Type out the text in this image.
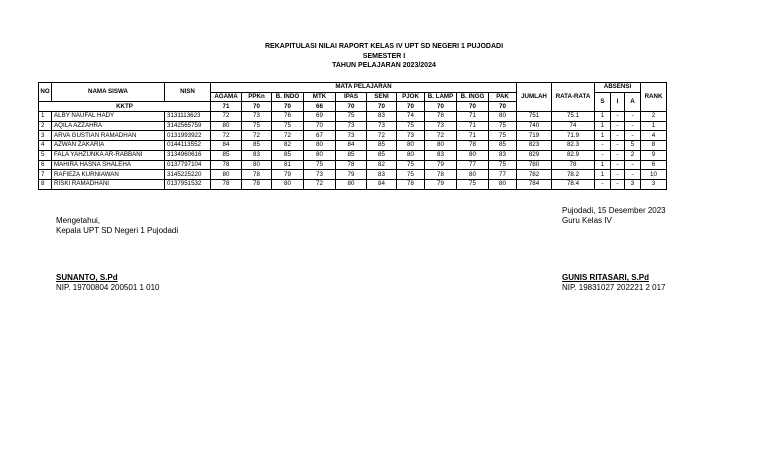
REKAPITULASI NILAI RAPORT KELAS IV UPT SD NEGERI 1 PUJODADI
SEMESTER I
TAHUN PELAJARAN 2023/2024
NO	NAMA SISWA	NISN	MATA PELAJARAN										JUMLAH	RATA-RATA	ABSENSI			RANK
			AGAMA	PPKn	B. INDO	MTK	IPAS	SENI	PJOK	B. LAMP	B. INGG	PAK			S	I	A	
KKTP			71	70	70	66	70	70	70	70	70	70						
1	ALBY NAUFAL HADY	3131113623	72	73	76	69	75	83	74	78	71	80	751	75.1	1	-	-	2
2	AQILA AZZAHRA	3142565759	80	75	75	70	73	73	75	73	71	75	740	74	1	-	-	1
3	ARVA GUSTIAN RAMADHAN	0131993922	72	72	72	67	73	72	73	72	71	75	719	71.9	1	-	-	4
4	AZWAN ZAKARIA	0144113552	84	85	82	80	84	85	80	80	78	85	823	82.3	-	-	5	8
5	FALA YAHZUNKA AR-RABBANI	3134960616	85	83	85	80	85	85	80	83	80	83	829	82.9	-	-	2	9
6	MAHIRA HASNA SHALEHA	0137797104	78	80	81	75	78	82	75	79	77	75	780	78	1	-	-	6
7	RAFIEZA KURNIAWAN	3145225220	80	78	79	73	79	83	75	78	80	77	782	78.2	1	-	-	10
8	RISKI RAMADHANI	0137951532	78	78	80	72	80	84	78	79	75	80	784	78.4	-	-	3	3
Mengetahui,
Kepala UPT SD Negeri 1 Pujodadi
SUNANTO, S.Pd
NIP. 19700804 200501 1 010
Pujodadi, 15 Desember 2023
Guru Kelas IV
GUNIS RITASARI, S.Pd
NIP. 19831027 202221 2 017
